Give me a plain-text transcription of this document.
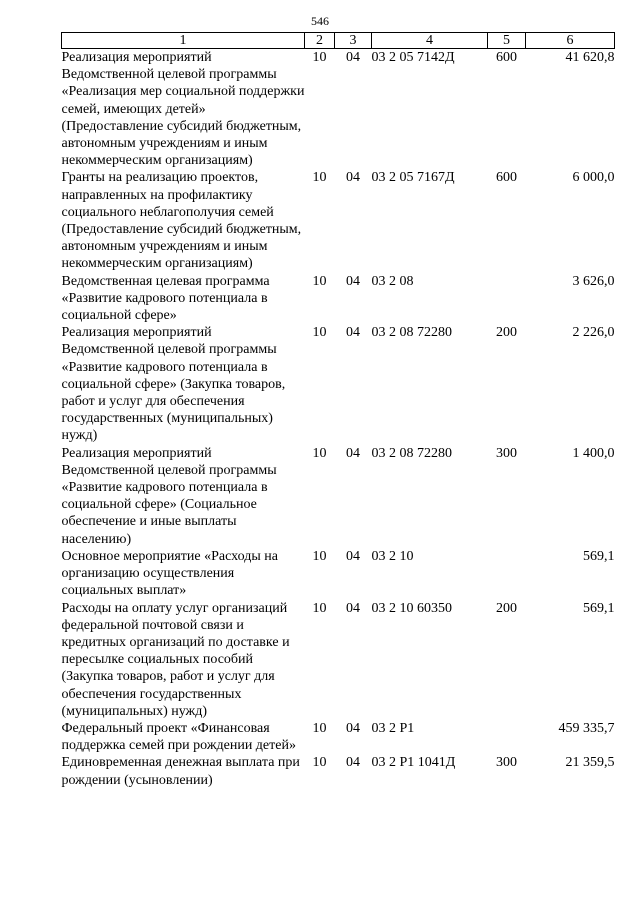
546
1	2	3	4	5	6
Реализация мероприятий Ведомственной целевой программы «Реализация мер социальной поддержки семей, имеющих детей» (Предоставление субсидий бюджетным, автономным учреждениям и иным некоммерческим организациям)	10	04	03 2 05 7142Д	600	41 620,8
Гранты на реализацию проектов, направленных на профилактику социального неблагополучия семей (Предоставление субсидий бюджетным, автономным учреждениям и иным некоммерческим организациям)	10	04	03 2 05 7167Д	600	6 000,0
Ведомственная целевая программа «Развитие кадрового потенциала в социальной сфере»	10	04	03 2 08		3 626,0
Реализация мероприятий Ведомственной целевой программы «Развитие кадрового потенциала в социальной сфере» (Закупка товаров, работ и услуг для обеспечения государственных (муниципальных) нужд)	10	04	03 2 08 72280	200	2 226,0
Реализация мероприятий Ведомственной целевой программы «Развитие кадрового потенциала в социальной сфере» (Социальное обеспечение и иные выплаты населению)	10	04	03 2 08 72280	300	1 400,0
Основное мероприятие «Расходы на организацию осуществления социальных выплат»	10	04	03 2 10		569,1
Расходы на оплату услуг организаций федеральной почтовой связи и кредитных организаций по доставке и пересылке социальных пособий (Закупка товаров, работ и услуг для обеспечения государственных (муниципальных) нужд)	10	04	03 2 10 60350	200	569,1
Федеральный проект «Финансовая поддержка семей при рождении детей»	10	04	03 2 P1		459 335,7
Единовременная денежная выплата при рождении (усыновлении)	10	04	03 2 P1 1041Д	300	21 359,5
